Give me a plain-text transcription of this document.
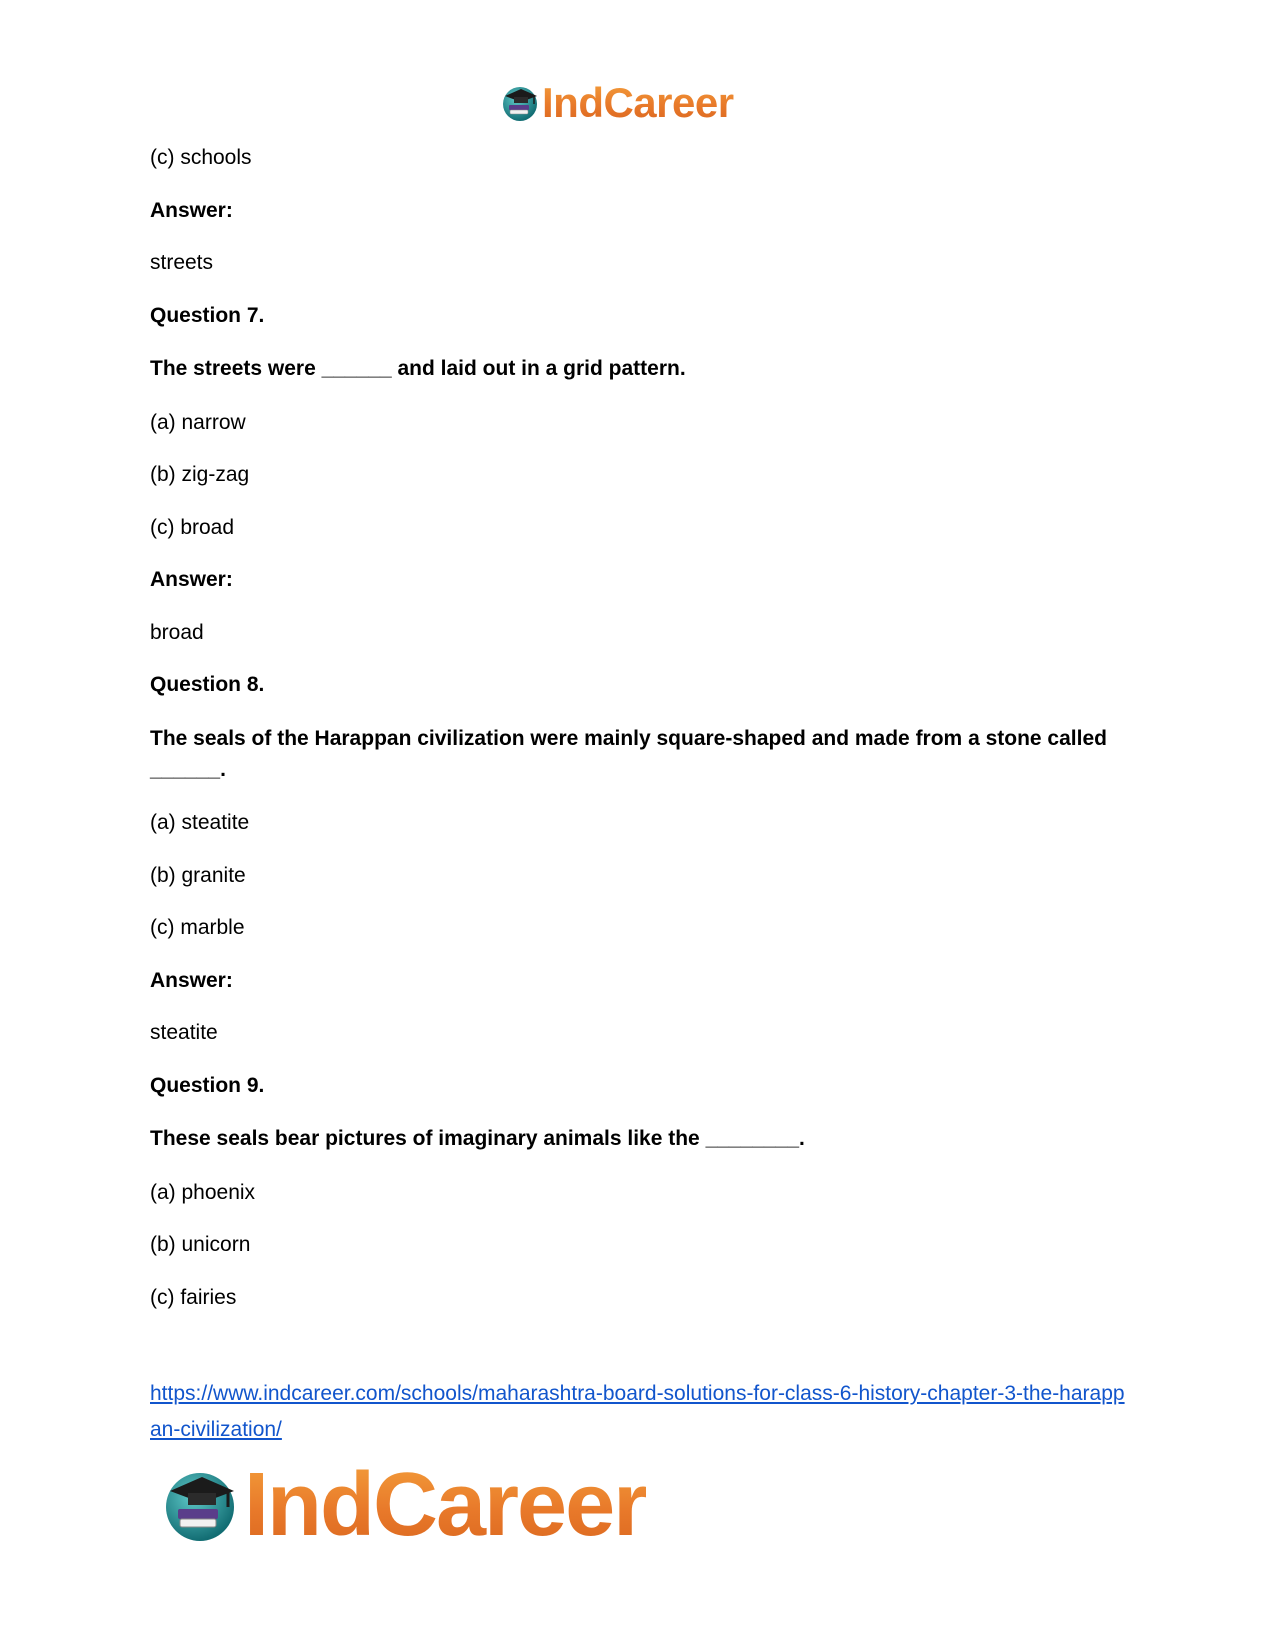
IndCareer
(c) schools
Answer:
streets
Question 7.
The streets were ______ and laid out in a grid pattern.
(a) narrow
(b) zig-zag
(c) broad
Answer:
broad
Question 8.
The seals of the Harappan civilization were mainly square-shaped and made from a stone called ______.
(a) steatite
(b) granite
(c) marble
Answer:
steatite
Question 9.
These seals bear pictures of imaginary animals like the ________.
(a) phoenix
(b) unicorn
(c) fairies
https://www.indcareer.com/schools/maharashtra-board-solutions-for-class-6-history-chapter-3-the-harappan-civilization/
IndCareer
